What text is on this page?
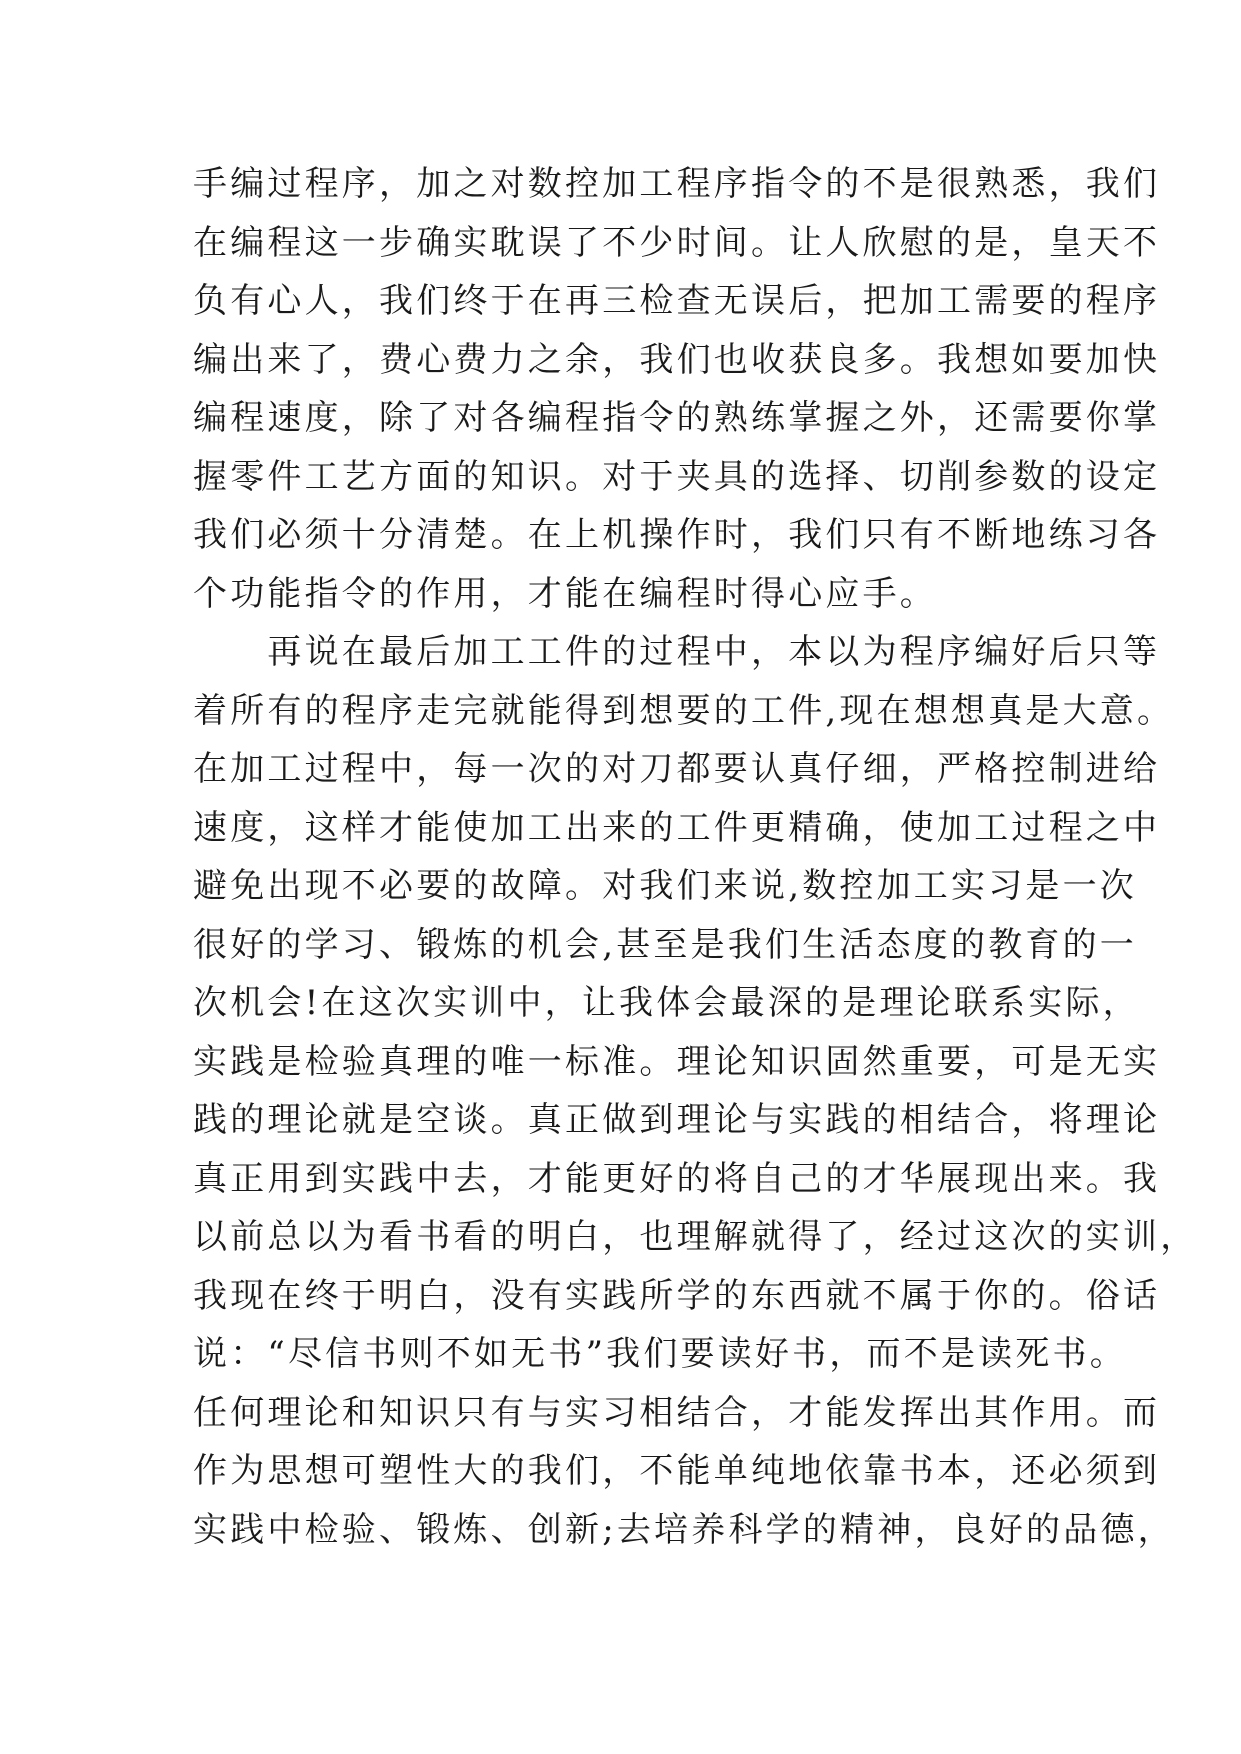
手编过程序，加之对数控加工程序指令的不是很熟悉，我们
在编程这一步确实耽误了不少时间。让人欣慰的是，皇天不
负有心人，我们终于在再三检查无误后，把加工需要的程序
编出来了，费心费力之余，我们也收获良多。我想如要加快
编程速度，除了对各编程指令的熟练掌握之外，还需要你掌
握零件工艺方面的知识。对于夹具的选择、切削参数的设定
我们必须十分清楚。在上机操作时，我们只有不断地练习各
个功能指令的作用，才能在编程时得心应手。
　　再说在最后加工工件的过程中，本以为程序编好后只等
着所有的程序走完就能得到想要的工件,现在想想真是大意。
在加工过程中，每一次的对刀都要认真仔细，严格控制进给
速度，这样才能使加工出来的工件更精确，使加工过程之中
避免出现不必要的故障。对我们来说,数控加工实习是一次
很好的学习、锻炼的机会,甚至是我们生活态度的教育的一
次机会!在这次实训中，让我体会最深的是理论联系实际，
实践是检验真理的唯一标准。理论知识固然重要，可是无实
践的理论就是空谈。真正做到理论与实践的相结合，将理论
真正用到实践中去，才能更好的将自己的才华展现出来。我
以前总以为看书看的明白，也理解就得了，经过这次的实训，
我现在终于明白，没有实践所学的东西就不属于你的。俗话
说：“尽信书则不如无书”我们要读好书，而不是读死书。
任何理论和知识只有与实习相结合，才能发挥出其作用。而
作为思想可塑性大的我们，不能单纯地依靠书本，还必须到
实践中检验、锻炼、创新;去培养科学的精神，良好的品德，
